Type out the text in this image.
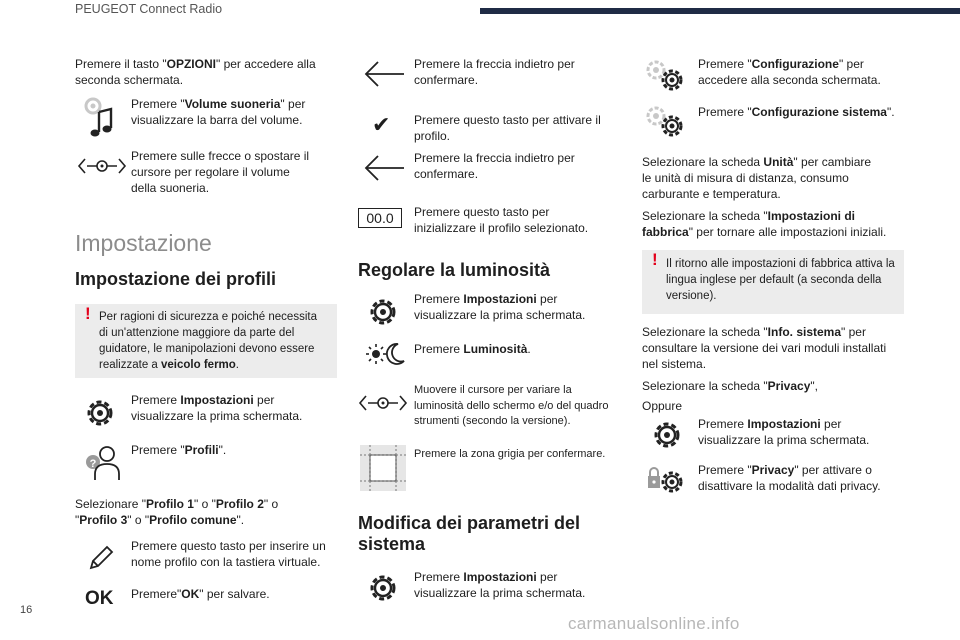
PEUGEOT Connect Radio

Premere il tasto "OPZIONI" per accedere alla seconda schermata.

Premere "Volume suoneria" per visualizzare la barra del volume.
Premere sulle frecce o spostare il cursore per regolare il volume della suoneria.
Impostazione
Impostazione dei profili
! Per ragioni di sicurezza e poiché necessita di un'attenzione maggiore da parte del guidatore, le manipolazioni devono essere realizzate a veicolo fermo.
Premere Impostazioni per visualizzare la prima schermata.
?
Premere "Profili".

Selezionare "Profilo 1" o "Profilo 2" o "Profilo 3" o "Profilo comune".

Premere questo tasto per inserire un nome profilo con la tastiera virtuale.
OK Premere"OK" per salvare.
Premere la freccia indietro per confermare.
✔ Premere questo tasto per attivare il profilo.
Premere la freccia indietro per confermare.
00.0	Premere questo tasto per inizializzare il profilo selezionato.
Regolare la luminosità
Premere Impostazioni per visualizzare la prima schermata.
Premere Luminosità.
Muovere il cursore per variare la luminosità dello schermo e/o del quadro strumenti (secondo la versione).
Premere la zona grigia per confermare.
Modifica dei parametri del sistema
Premere Impostazioni per visualizzare la prima schermata.
Premere "Configurazione" per accedere alla seconda schermata.
Premere "Configurazione sistema".

Selezionare la scheda Unità" per cambiare le unità di misura di distanza, consumo carburante e temperatura.

Selezionare la scheda "Impostazioni di fabbrica" per tornare alle impostazioni iniziali.

! Il ritorno alle impostazioni di fabbrica attiva la lingua inglese per default (a seconda della versione).

Selezionare la scheda "Info. sistema" per consultare la versione dei vari moduli installati nel sistema.

Selezionare la scheda "Privacy",

Oppure

Premere Impostazioni per visualizzare la prima schermata.
Premere "Privacy" per attivare o disattivare la modalità dati privacy.
16
carmanualsonline.info
